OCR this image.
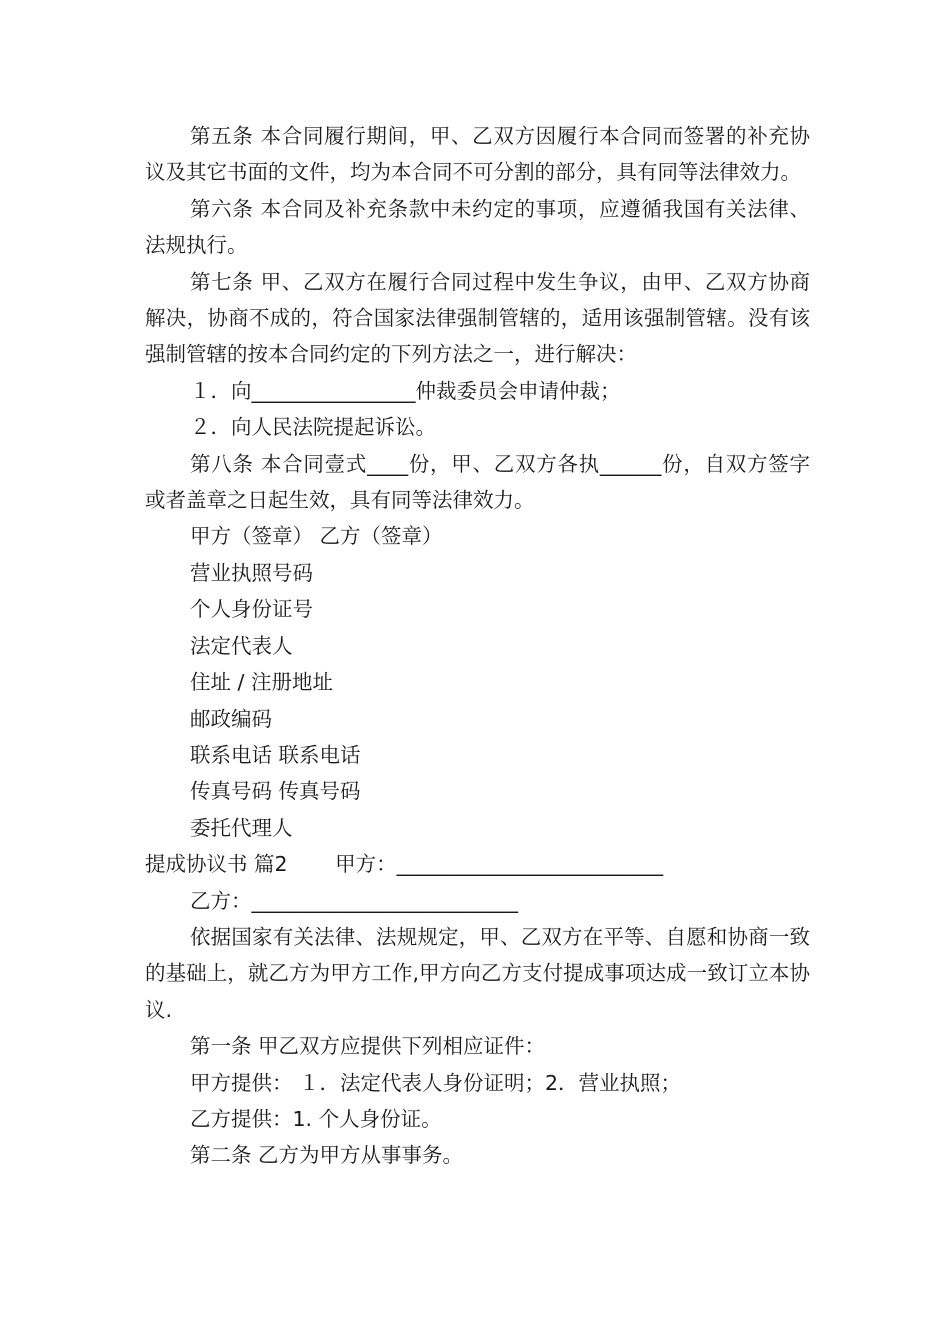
第五条 本合同履行期间，甲、乙双方因履行本合同而签署的补充协议及其它书面的文件，均为本合同不可分割的部分，具有同等法律效力。

第六条 本合同及补充条款中未约定的事项，应遵循我国有关法律、法规执行。

第七条 甲、乙双方在履行合同过程中发生争议，由甲、乙双方协商解决，协商不成的，符合国家法律强制管辖的，适用该强制管辖。没有该强制管辖的按本合同约定的下列方法之一，进行解决：

１．向________________仲裁委员会申请仲裁；

２．向人民法院提起诉讼。

第八条 本合同壹式____份，甲、乙双方各执______份，自双方签字或者盖章之日起生效，具有同等法律效力。

甲方（签章） 乙方（签章）

营业执照号码

个人身份证号

法定代表人

住址 / 注册地址

邮政编码

联系电话 联系电话

传真号码 传真号码

委托代理人

提成协议书 篇2　　 甲方：__________________________

乙方：__________________________

依据国家有关法律、法规规定，甲、乙双方在平等、自愿和协商一致的基础上，就乙方为甲方工作,甲方向乙方支付提成事项达成一致订立本协议.

第一条 甲乙双方应提供下列相应证件：

甲方提供： １．法定代表人身份证明；2．营业执照；

乙方提供：1. 个人身份证。

第二条 乙方为甲方从事事务。
